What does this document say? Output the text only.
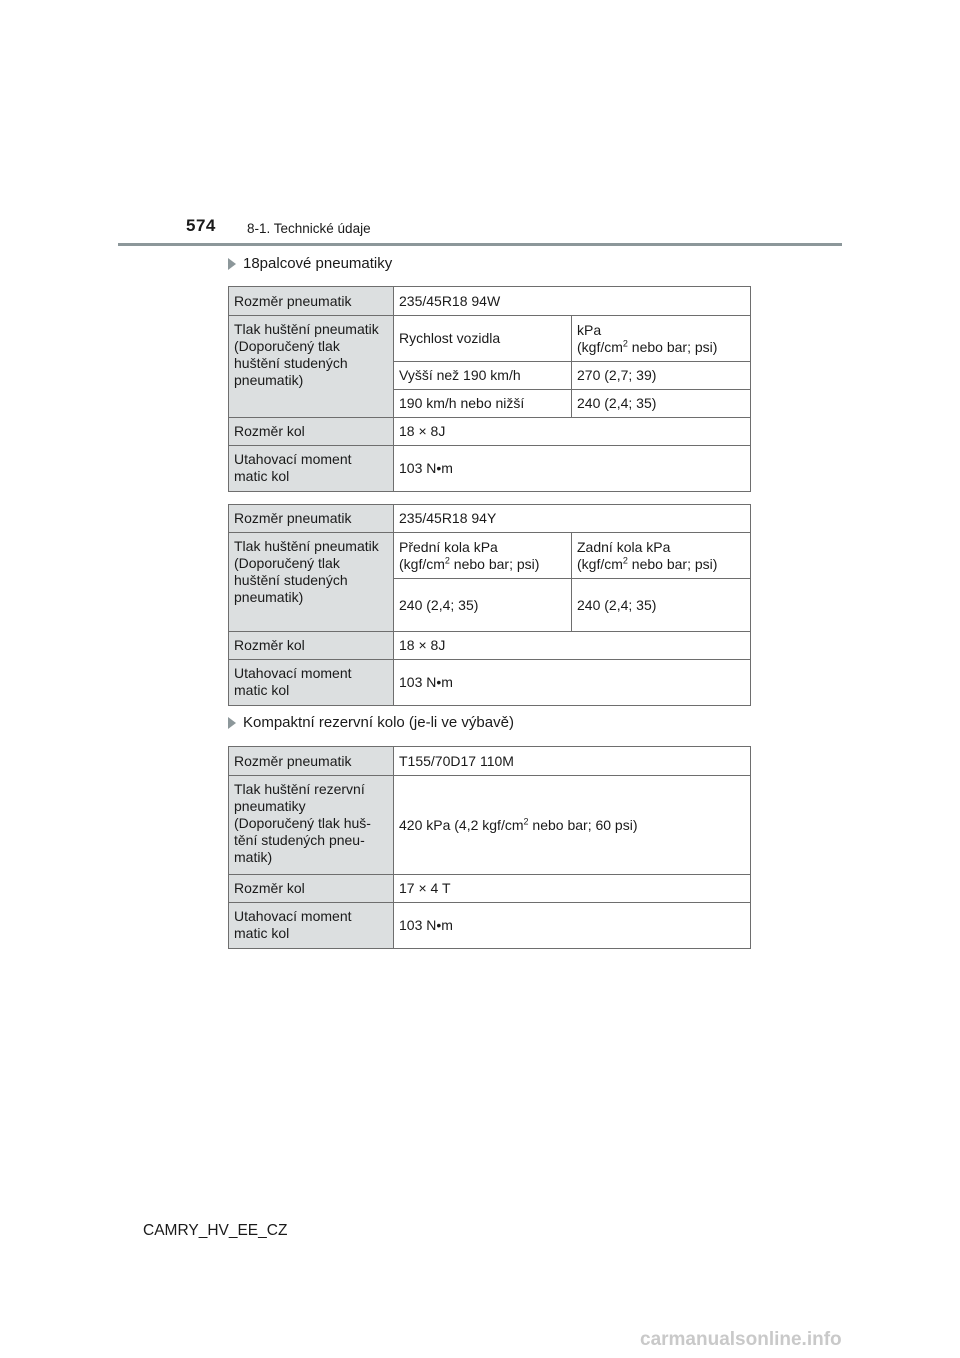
574 8-1. Technické údaje
18palcové pneumatiky
Rozměr pneumatik	235/45R18 94W	
Tlak huštění pneumatik (Doporučený tlak huštění studených pneumatik)	Rychlost vozidla	kPa
($kgf/cm^2$ nebo bar; psi)
	Vyšší než 190 km/h	270 (2,7; 39)
	190 km/h nebo nižší	240 (2,4; 35)
Rozměr kol	18 × 8J	
Utahovací moment matic kol	103 N•m	
Rozměr pneumatik	235/45R18 94Y	
Tlak huštění pneumatik (Doporučený tlak huštění studených pneumatik)	Přední kola kPa
($kgf/cm^2$ nebo bar; psi)	Zadní kola kPa
($kgf/cm^2$ nebo bar; psi)
	240 (2,4; 35)	240 (2,4; 35)
Rozměr kol	18 × 8J	
Utahovací moment matic kol	103 N•m	
Kompaktní rezervní kolo (je-li ve výbavě)
Rozměr pneumatik	T155/70D17 110M
Tlak huštění rezervní pneumatiky (Doporučený tlak huš- tění studených pneu- matik)	420 kPa (4,2 kgf/$cm^2$ nebo bar; 60 psi)
Rozměr kol	17 × 4 T
Utahovací moment matic kol	103 N•m
CAMRY_HV_EE_CZ
carmanualsonline.info
